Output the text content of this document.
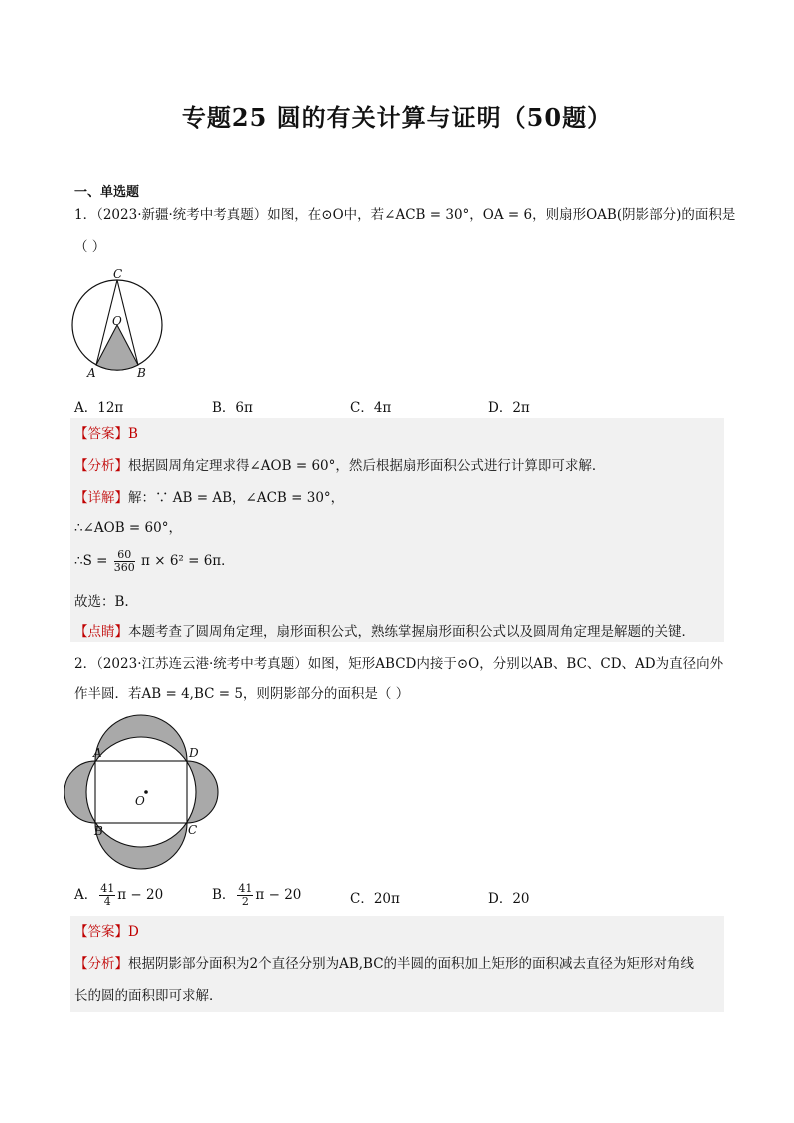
专题25 圆的有关计算与证明（50题）
一、单选题
1．（2023·新疆·统考中考真题）如图，在⊙O中，若∠ACB = 30°，OA = 6，则扇形OAB(阴影部分)的面积是
（ ）
C
O
A	B
A．12π	B．6π	C．4π	D．2π
【答案】B
【分析】根据圆周角定理求得∠AOB = 60°，然后根据扇形面积公式进行计算即可求解．
【详解】解：∵ AB = AB，∠ACB = 30°，
∴∠AOB = 60°，
∴S = $\frac{60}{360}$ π × 6² = 6π．
故选：B.
【点睛】本题考查了圆周角定理，扇形面积公式，熟练掌握扇形面积公式以及圆周角定理是解题的关键．
2．（2023·江苏连云港·统考中考真题）如图，矩形ABCD内接于⊙O，分别以AB、BC、CD、AD为直径向外
作半圆．若AB = 4,BC = 5，则阴影部分的面积是（ ）
A	D
O
B	C
A． $\frac{41}{4}$ π − 20	B． $\frac{41}{2}$ π − 20	C．20π	D．20
【答案】D
【分析】根据阴影部分面积为2个直径分别为AB,BC的半圆的面积加上矩形的面积减去直径为矩形对角线
长的圆的面积即可求解．
